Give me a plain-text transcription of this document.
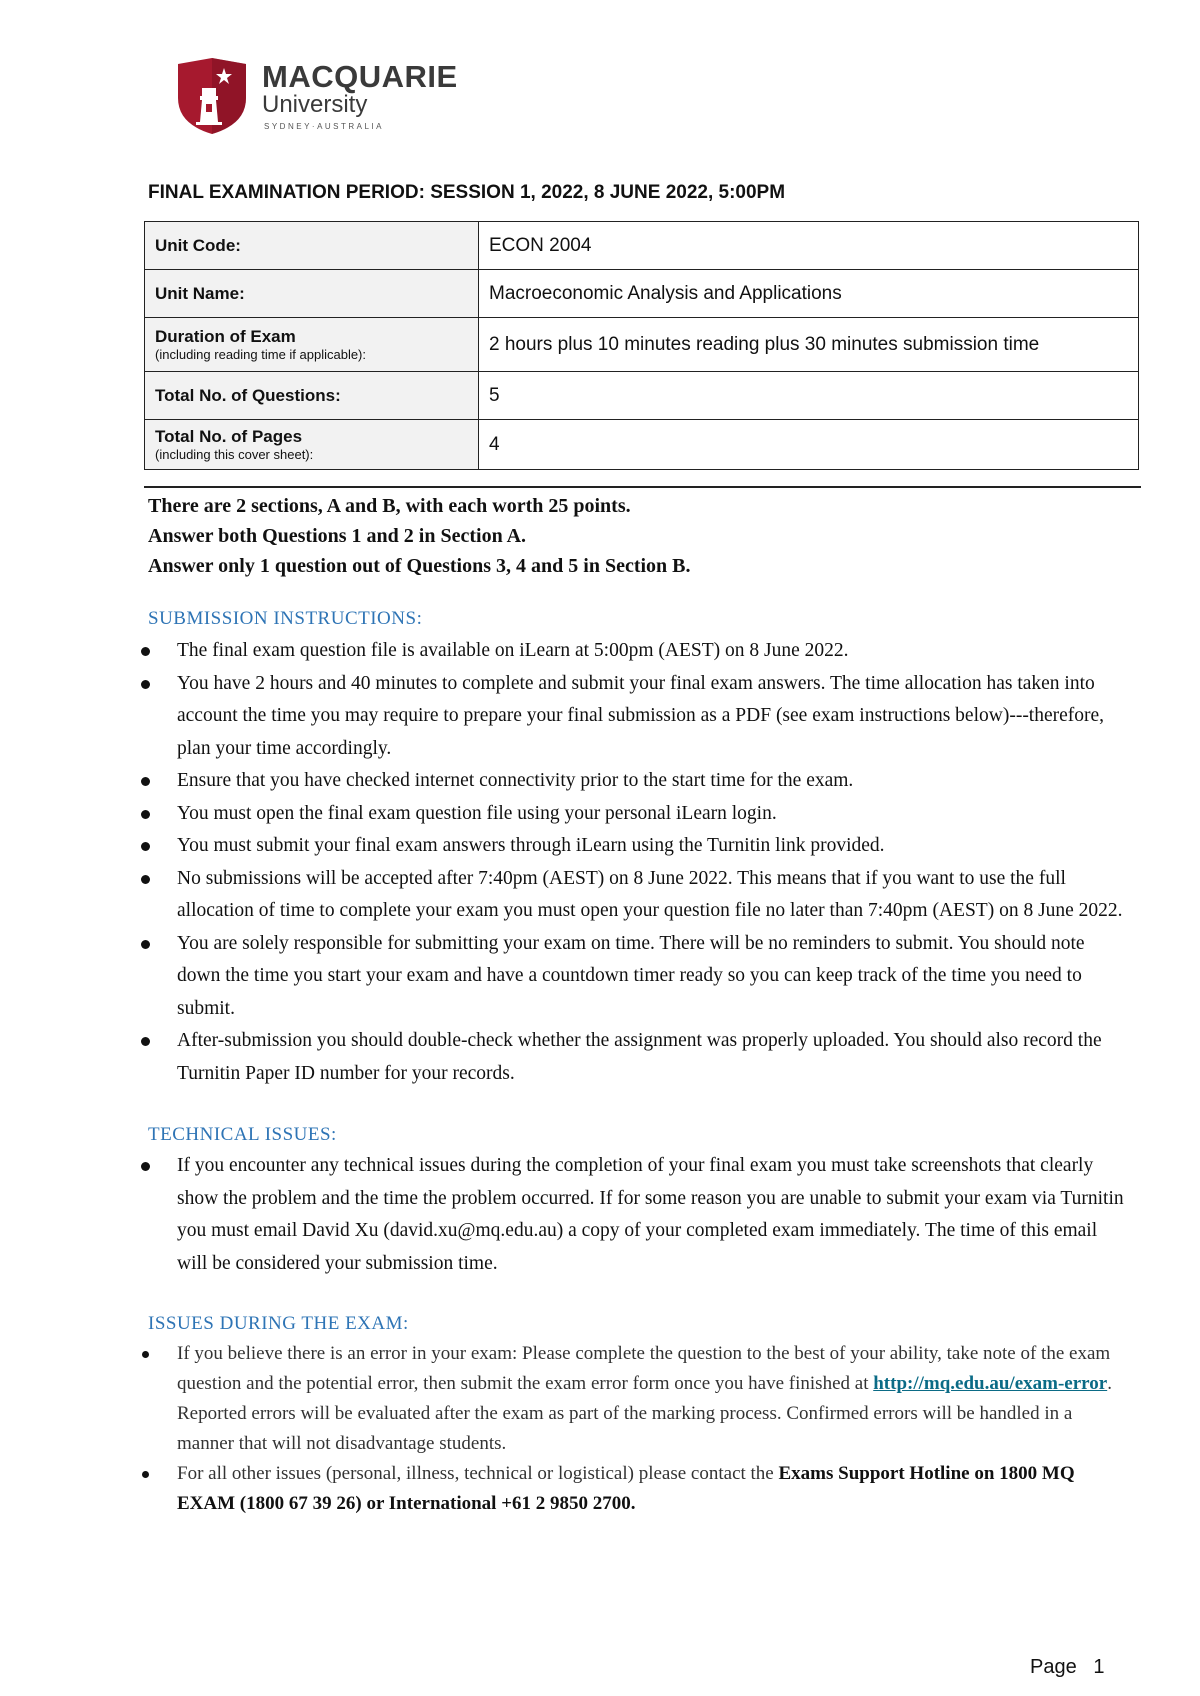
MACQUARIE
University
SYDNEY·AUSTRALIA
FINAL EXAMINATION PERIOD: SESSION 1, 2022, 8 JUNE 2022, 5:00PM
Unit Code:	ECON 2004
Unit Name:	Macroeconomic Analysis and Applications
Duration of Exam
(including reading time if applicable):	2 hours plus 10 minutes reading plus 30 minutes submission time
Total No. of Questions:	5
Total No. of Pages
(including this cover sheet):	4
There are 2 sections, A and B, with each worth 25 points.
Answer both Questions 1 and 2 in Section A.
Answer only 1 question out of Questions 3, 4 and 5 in Section B.
SUBMISSION INSTRUCTIONS:
The final exam question file is available on iLearn at 5:00pm (AEST) on 8 June 2022.
You have 2 hours and 40 minutes to complete and submit your final exam answers. The time allocation has taken into account the time you may require to prepare your final submission as a PDF (see exam instructions below)---therefore, plan your time accordingly.
Ensure that you have checked internet connectivity prior to the start time for the exam.
You must open the final exam question file using your personal iLearn login.
You must submit your final exam answers through iLearn using the Turnitin link provided.
No submissions will be accepted after 7:40pm (AEST) on 8 June 2022. This means that if you want to use the full allocation of time to complete your exam you must open your question file no later than 7:40pm (AEST) on 8 June 2022.
You are solely responsible for submitting your exam on time. There will be no reminders to submit. You should note down the time you start your exam and have a countdown timer ready so you can keep track of the time you need to submit.
After-submission you should double-check whether the assignment was properly uploaded. You should also record the Turnitin Paper ID number for your records.
TECHNICAL ISSUES:
If you encounter any technical issues during the completion of your final exam you must take screenshots that clearly show the problem and the time the problem occurred. If for some reason you are unable to submit your exam via Turnitin you must email David Xu (david.xu@mq.edu.au) a copy of your completed exam immediately. The time of this email will be considered your submission time.
ISSUES DURING THE EXAM:
If you believe there is an error in your exam: Please complete the question to the best of your ability, take note of the exam question and the potential error, then submit the exam error form once you have finished at http://mq.edu.au/exam-error. Reported errors will be evaluated after the exam as part of the marking process. Confirmed errors will be handled in a manner that will not disadvantage students.
For all other issues (personal, illness, technical or logistical) please contact the Exams Support Hotline on 1800 MQ EXAM (1800 67 39 26) or International +61 2 9850 2700.
Page 1
